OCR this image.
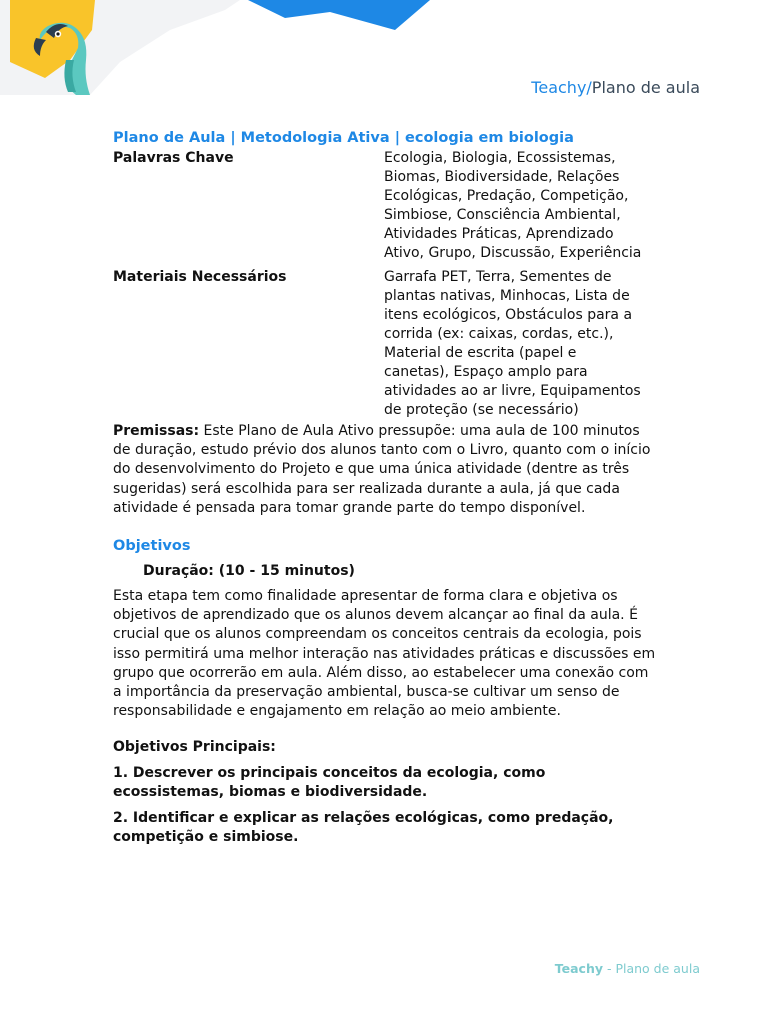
Teachy/Plano de aula
Plano de Aula | Metodologia Ativa | ecologia em biologia
Palavras Chave	Ecologia, Biologia, Ecossistemas, Biomas, Biodiversidade, Relações Ecológicas, Predação, Competição, Simbiose, Consciência Ambiental, Atividades Práticas, Aprendizado Ativo, Grupo, Discussão, Experiência
Materiais Necessários	Garrafa PET, Terra, Sementes de plantas nativas, Minhocas, Lista de itens ecológicos, Obstáculos para a corrida (ex: caixas, cordas, etc.), Material de escrita (papel e canetas), Espaço amplo para atividades ao ar livre, Equipamentos de proteção (se necessário)

Premissas: Este Plano de Aula Ativo pressupõe: uma aula de 100 minutos de duração, estudo prévio dos alunos tanto com o Livro, quanto com o início do desenvolvimento do Projeto e que uma única atividade (dentre as três sugeridas) será escolhida para ser realizada durante a aula, já que cada atividade é pensada para tomar grande parte do tempo disponível.

Objetivos
Duração: (10 - 15 minutos)

Esta etapa tem como finalidade apresentar de forma clara e objetiva os objetivos de aprendizado que os alunos devem alcançar ao final da aula. É crucial que os alunos compreendam os conceitos centrais da ecologia, pois isso permitirá uma melhor interação nas atividades práticas e discussões em grupo que ocorrerão em aula. Além disso, ao estabelecer uma conexão com a importância da preservação ambiental, busca-se cultivar um senso de responsabilidade e engajamento em relação ao meio ambiente.

Objetivos Principais:
1. Descrever os principais conceitos da ecologia, como ecossistemas, biomas e biodiversidade.
2. Identificar e explicar as relações ecológicas, como predação, competição e simbiose.
Teachy - Plano de aula
